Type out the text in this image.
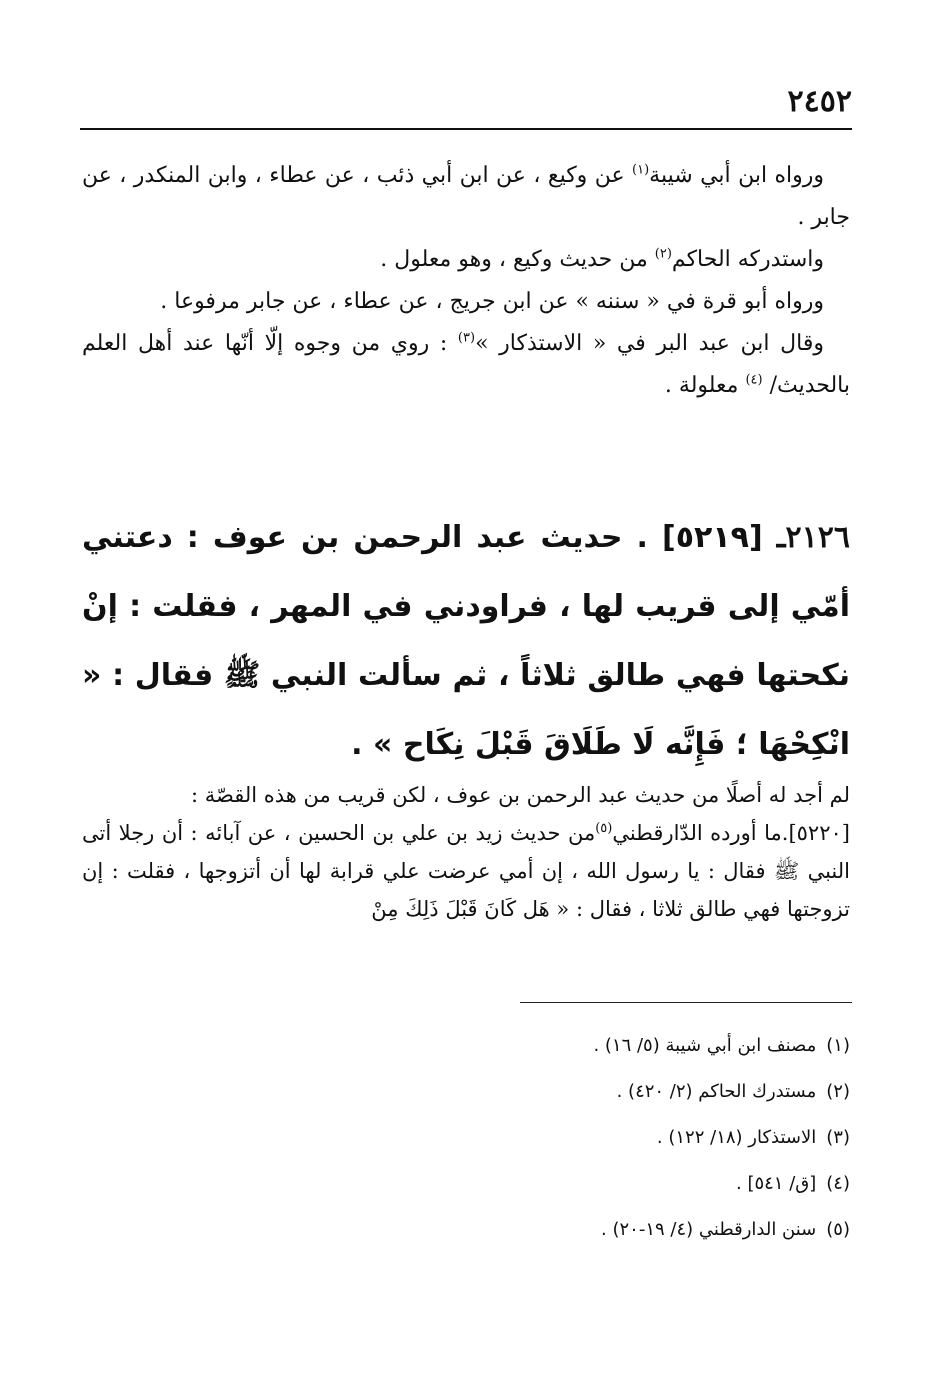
٢٤٥٢

ورواه ابن أبي شيبة$^{(١)}$ عن وكيع ، عن ابن أبي ذئب ، عن عطاء ، وابن المنكدر ، عن جابر .

واستدركه الحاكم$^{(٢)}$ من حديث وكيع ، وهو معلول .

ورواه أبو قرة في « سننه » عن ابن جريج ، عن عطاء ، عن جابر مرفوعا .

وقال ابن عبد البر في « الاستذكار »$^{(٣)}$ : روي من وجوه إلّا أنّها عند أهل العلم بالحديث/ $^{(٤)}$ معلولة .

٢١٢٦ـ [٥٢١٩] . حديث عبد الرحمن بن عوف : دعتني أمّي إلى قريب لها ، فراودني في المهر ، فقلت : إنْ نكحتها فهي طالق ثلاثاً ، ثم سألت النبي ﷺ فقال : « انْكِحْهَا ؛ فَإِنَّه لَا طَلَاقَ قَبْلَ نِكَاح » .

لم أجد له أصلًا من حديث عبد الرحمن بن عوف ، لكن قريب من هذه القصّة :

[٥٢٢٠].ما أورده الدّارقطني$^{(٥)}$من حديث زيد بن علي بن الحسين ، عن آبائه : أن رجلا أتى النبي ﷺ فقال : يا رسول الله ، إن أمي عرضت علي قرابة لها أن أتزوجها ، فقلت : إن تزوجتها فهي طالق ثلاثا ، فقال : « هَل كَانَ قَبْلَ ذَلِكَ مِنْ

(١)مصنف ابن أبي شيبة (٥/ ١٦) .
(٢)مستدرك الحاكم (٢/ ٤٢٠) .
(٣)الاستذكار (١٨/ ١٢٢) .
(٤)[ق/ ٥٤١] .
(٥)سنن الدارقطني (٤/ ١٩-٢٠) .
